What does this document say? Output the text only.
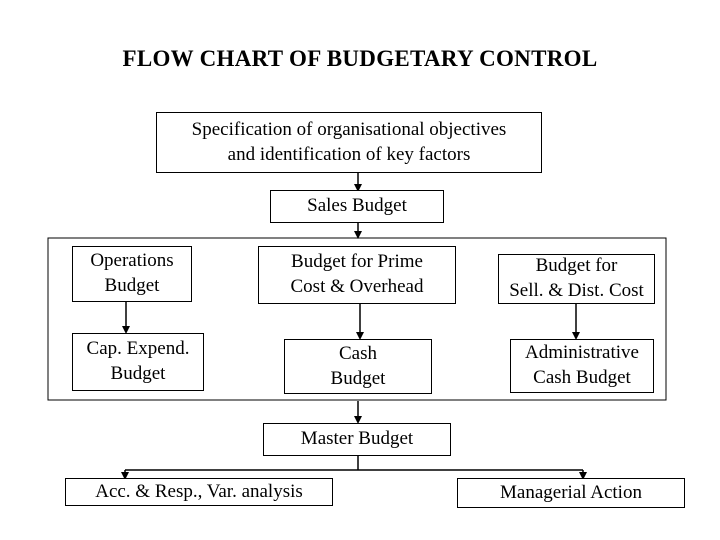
FLOW CHART OF BUDGETARY CONTROL
Specification of organisational objectives
and identification of key factors
Sales Budget
Operations
Budget
Budget for Prime
Cost & Overhead
Budget for
Sell. & Dist. Cost
Cap. Expend.
Budget
Cash
Budget
Administrative
Cash Budget
Master Budget
Acc. & Resp., Var. analysis	Managerial Action
